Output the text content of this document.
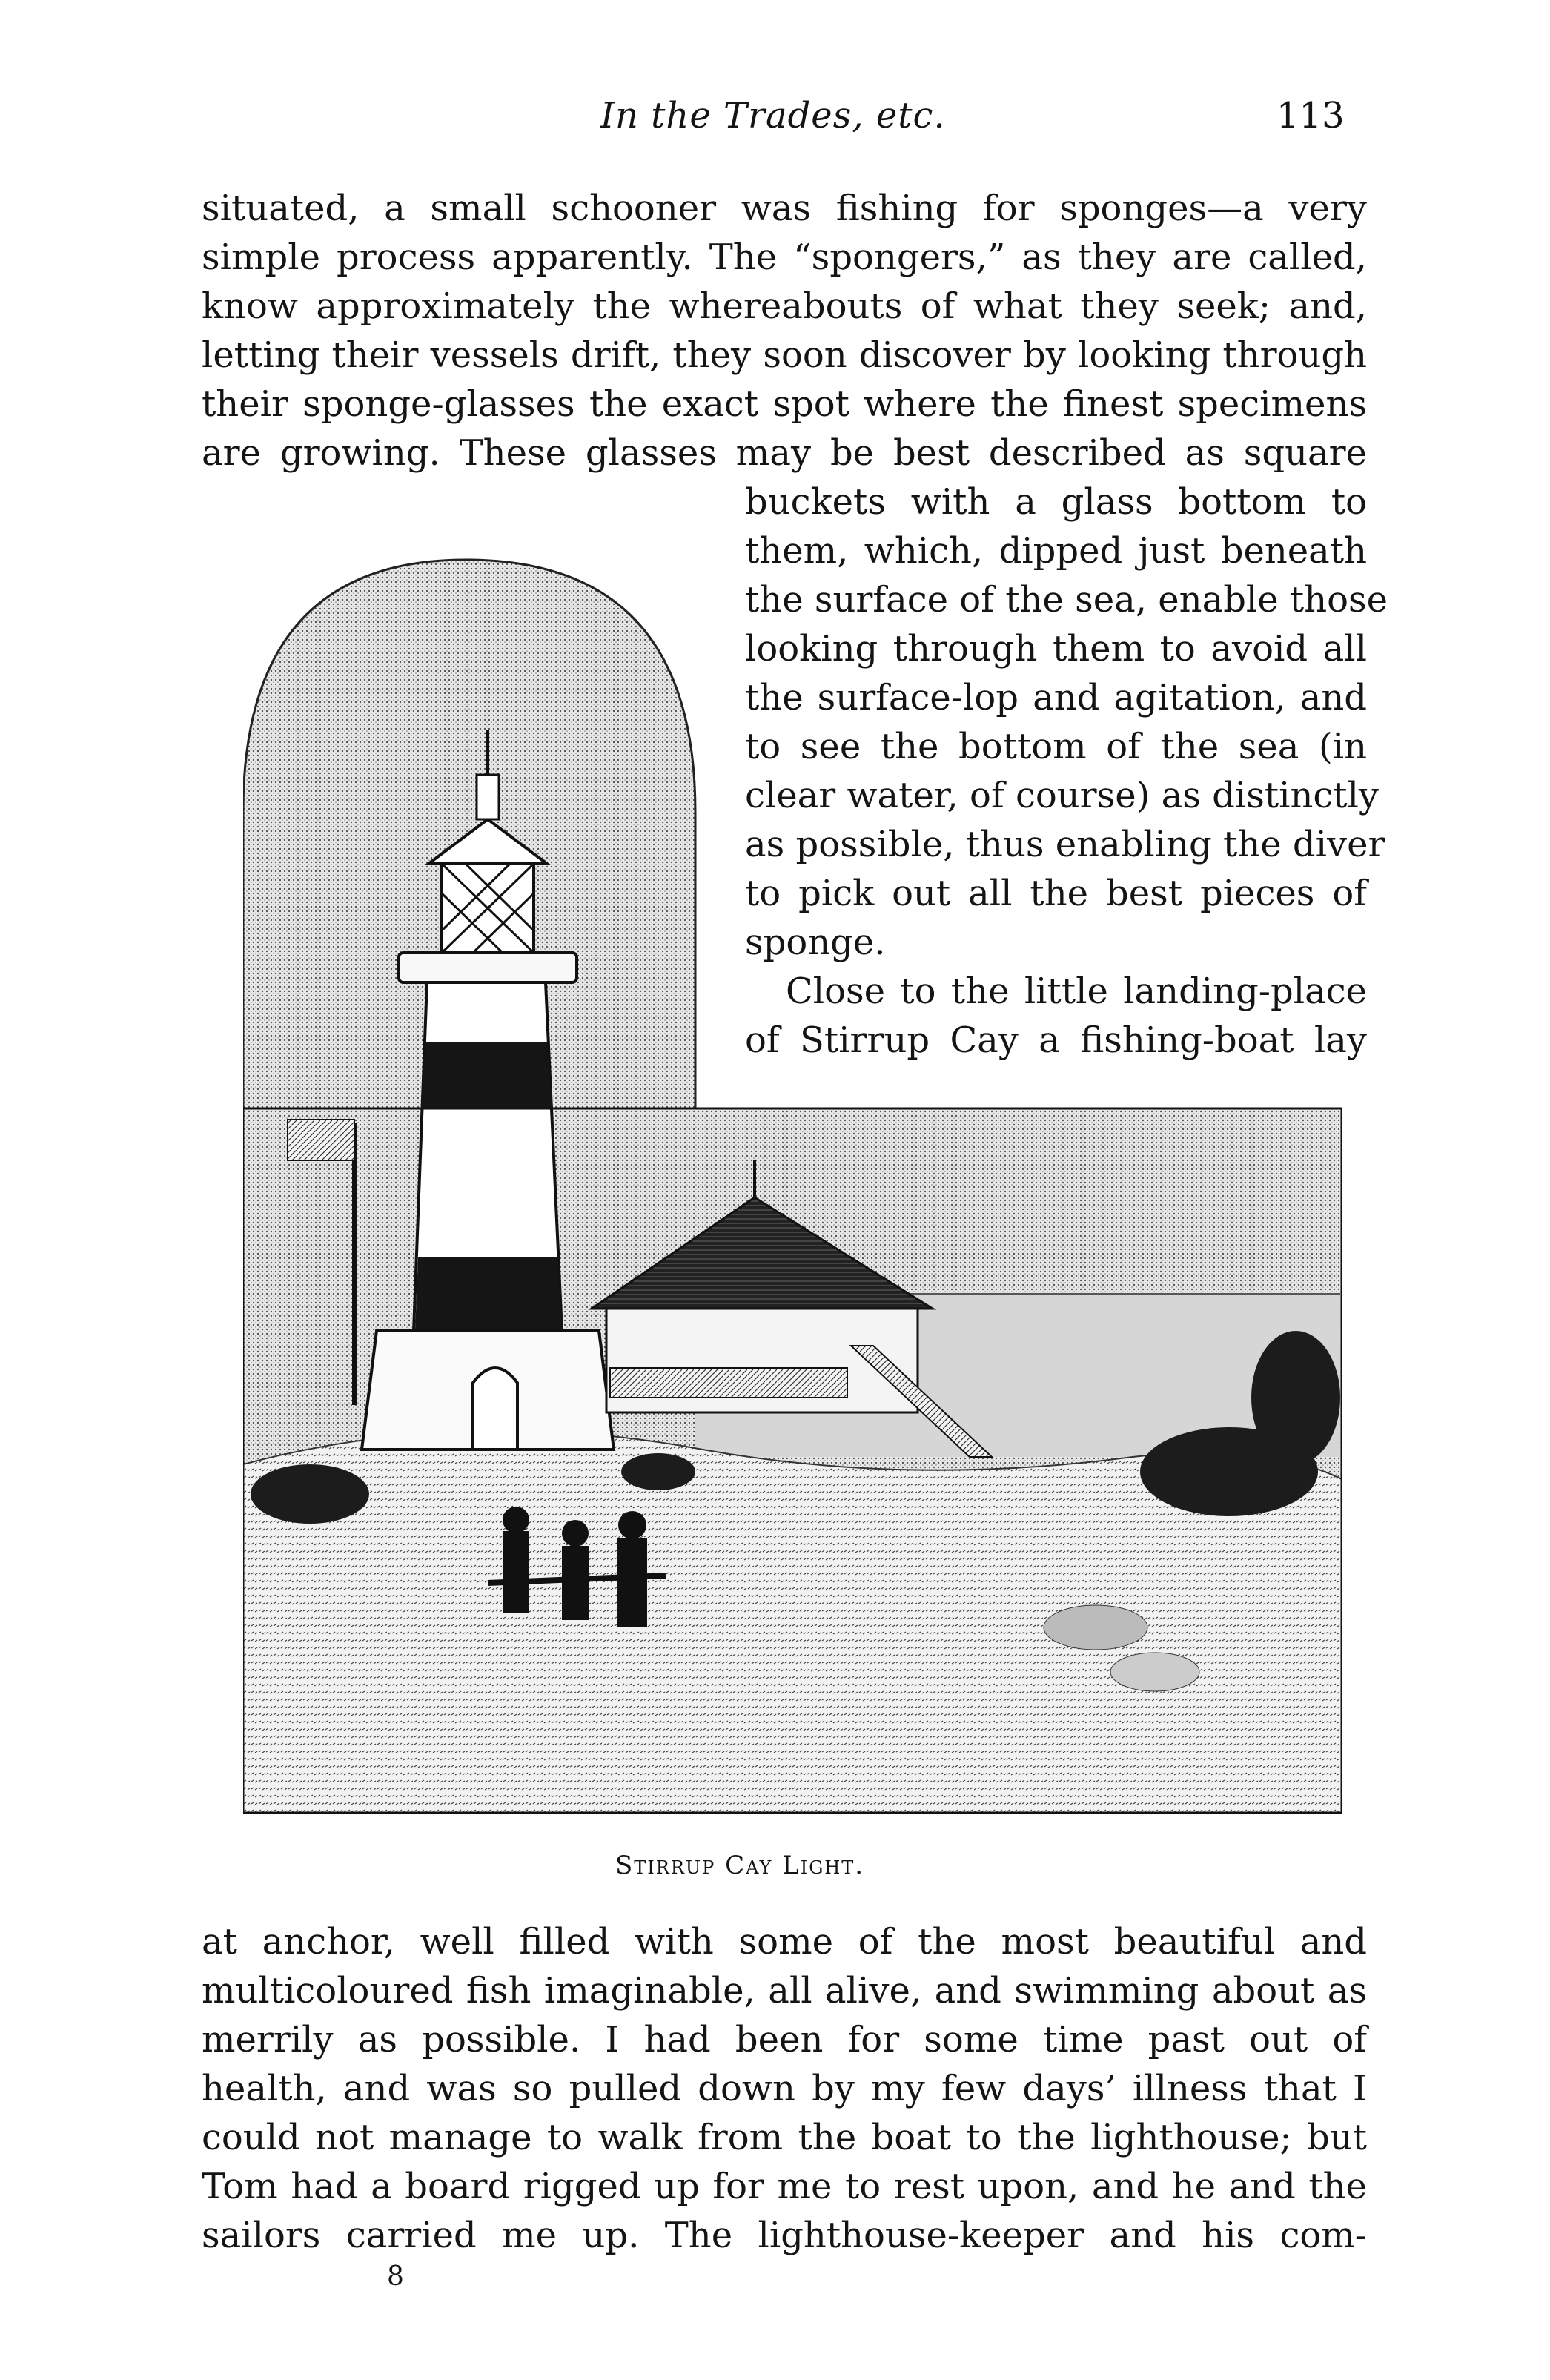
In the Trades, etc.	113
situated, a small schooner was fishing for sponges—a very
simple process apparently. The “spongers,” as they are called,
know approximately the whereabouts of what they seek; and,
letting their vessels drift, they soon discover by looking through
their sponge-glasses the exact spot where the finest specimens
are growing. These glasses may be best described as square
buckets with a glass bottom to
them, which, dipped just beneath
the surface of the sea, enable those
looking through them to avoid all
the surface-lop and agitation, and
to see the bottom of the sea (in
clear water, of course) as distinctly
as possible, thus enabling the diver
to pick out all the best pieces of
sponge.
Close to the little landing-place
of Stirrup Cay a fishing-boat lay
Stirrup Cay Light.
at anchor, well filled with some of the most beautiful and
multicoloured fish imaginable, all alive, and swimming about as
merrily as possible. I had been for some time past out of
health, and was so pulled down by my few days’ illness that I
could not manage to walk from the boat to the lighthouse; but
Tom had a board rigged up for me to rest upon, and he and the
sailors carried me up. The lighthouse-keeper and his com-
8
